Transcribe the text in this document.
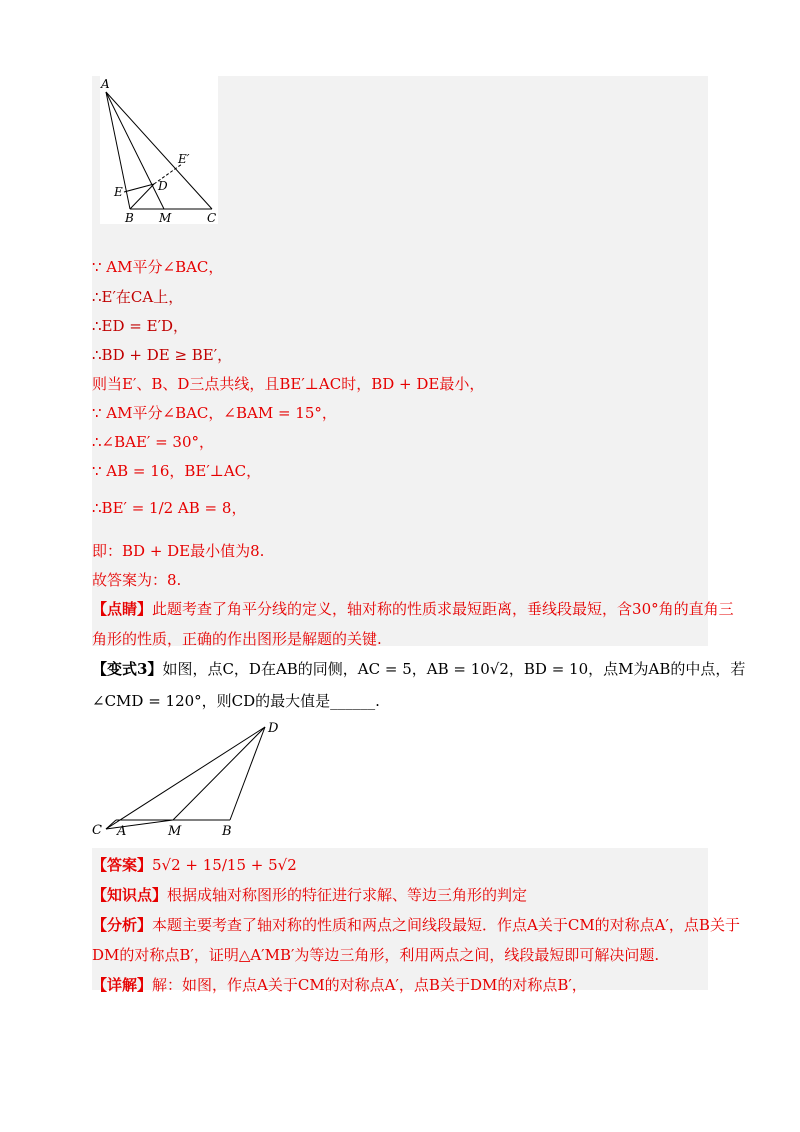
A
E′
E	D
B M	C
∵ AM平分∠BAC，
∴E′在CA上，
∴ED = E′D，
∴BD + DE ≥ BE′，
则当E′、B、D三点共线，且BE′⊥AC时，BD + DE最小，
∵ AM平分∠BAC，∠BAM = 15°，
∴∠BAE′ = 30°，
∵ AB = 16，BE′⊥AC，
∴BE′ = 1/2 AB = 8，
即：BD + DE最小值为8.
故答案为：8.
【点睛】此题考查了角平分线的定义，轴对称的性质求最短距离，垂线段最短，含30°角的直角三
角形的性质，正确的作出图形是解题的关键.
【变式3】如图，点C，D在AB的同侧，AC = 5，AB = 10√2，BD = 10，点M为AB的中点，若
∠CMD = 120°，则CD的最大值是______.
D
C A	M	B
【答案】5√2 + 15/15 + 5√2
【知识点】根据成轴对称图形的特征进行求解、等边三角形的判定
【分析】本题主要考查了轴对称的性质和两点之间线段最短．作点A关于CM的对称点A′，点B关于
DM的对称点B′，证明△A′MB′为等边三角形，利用两点之间，线段最短即可解决问题.
【详解】解：如图，作点A关于CM的对称点A′，点B关于DM的对称点B′，
